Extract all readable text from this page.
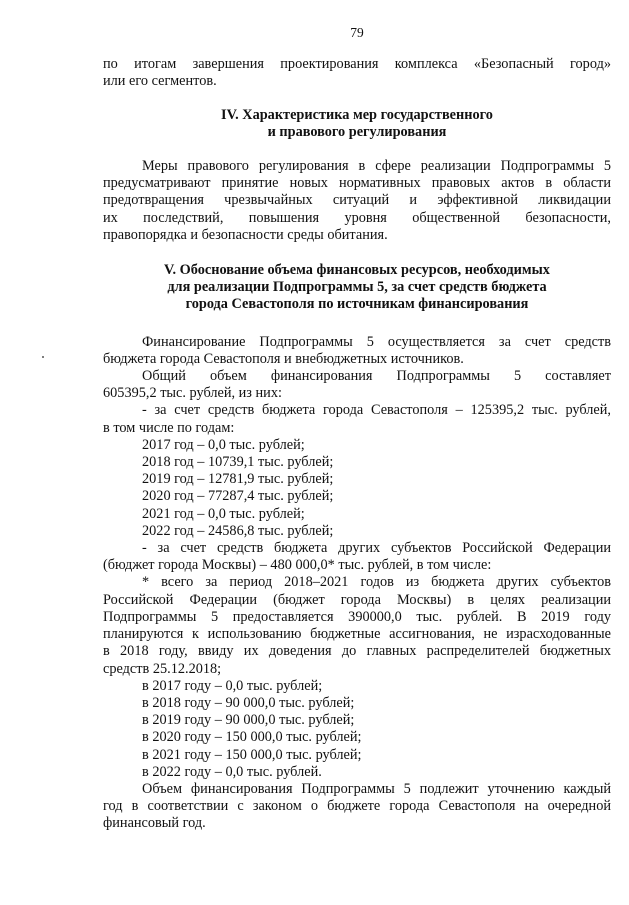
79

по итогам завершения проектирования комплекса «Безопасный город»

или его сегментов.

IV. Характеристика мер государственного
и правового регулирования

Меры правового регулирования в сфере реализации Подпрограммы 5

предусматривают принятие новых нормативных правовых актов в области

предотвращения чрезвычайных ситуаций и эффективной ликвидации

их последствий, повышения уровня общественной безопасности,

правопорядка и безопасности среды обитания.

V. Обоснование объема финансовых ресурсов, необходимых
для реализации Подпрограммы 5, за счет средств бюджета
города Севастополя по источникам финансирования

Финансирование Подпрограммы 5 осуществляется за счет средств

бюджета города Севастополя и внебюджетных источников.

Общий объем финансирования Подпрограммы 5 составляет

605395,2 тыс. рублей, из них:

- за счет средств бюджета города Севастополя – 125395,2 тыс. рублей,

в том числе по годам:

2017 год – 0,0 тыс. рублей;

2018 год – 10739,1 тыс. рублей;

2019 год – 12781,9 тыс. рублей;

2020 год – 77287,4 тыс. рублей;

2021 год – 0,0 тыс. рублей;

2022 год – 24586,8 тыс. рублей;

- за счет средств бюджета других субъектов Российской Федерации

(бюджет города Москвы) – 480 000,0* тыс. рублей, в том числе:

* всего за период 2018–2021 годов из бюджета других субъектов

Российской Федерации (бюджет города Москвы) в целях реализации

Подпрограммы 5 предоставляется 390000,0 тыс. рублей. В 2019 году

планируются к использованию бюджетные ассигнования, не израсходованные

в 2018 году, ввиду их доведения до главных распределителей бюджетных

средств 25.12.2018;

в 2017 году – 0,0 тыс. рублей;

в 2018 году – 90 000,0 тыс. рублей;

в 2019 году – 90 000,0 тыс. рублей;

в 2020 году – 150 000,0 тыс. рублей;

в 2021 году – 150 000,0 тыс. рублей;

в 2022 году – 0,0 тыс. рублей.

Объем финансирования Подпрограммы 5 подлежит уточнению каждый

год в соответствии с законом о бюджете города Севастополя на очередной

финансовый год.
